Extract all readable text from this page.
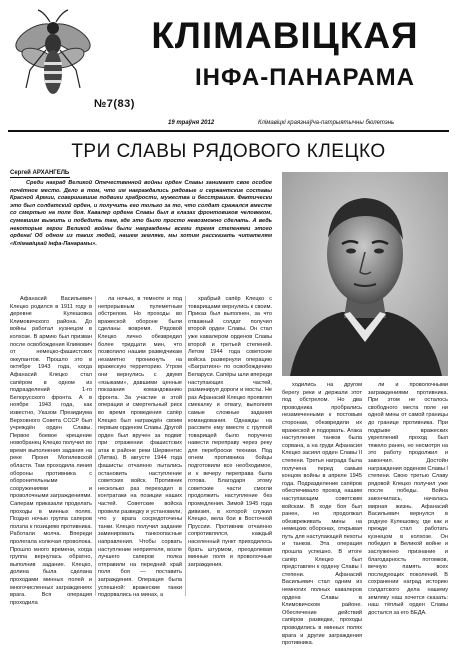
КЛІМАВІЦКАЯ
ІНФА-ПАНАРАМА
№7(83)
19 траўня 2012	Клімавіцкі краязнаўча-патрыятычны бюлетэнь
ТРИ СЛАВЫ РЯДОВОГО КЛЕЦКО
Сергей АРХАНГЕЛЬ
Среди наград Великой Отечественной войны орден Славы занимает свое особое почётное место. Дело в том, что им награждались рядовые и сержантские составы Красной Армии, совершившие подвиги храбрости, мужества и бесстрашия. Фактически это был солдатский орден, и получить его только за то, что солдат сражался вместе со смертью на поле боя. Кавалер ордена Славы был в глазах фронтовиков человеком, сумевшим выжить и победить там, где это было просто невозможно сделать. А ведь некоторые герои Великой войны были награждены всеми тремя степенями этого ордена! Об одном из таких людей, нашем земляке, мы хотим рассказать читателям «Клімавіцкай інфа-Панарамы».

Афанасий Васильевич Клецко родился в 1911 году в деревне Кулешовка Климовичского района. До войны работал кузнецом в колхозе. В армию был призван после освобождения Климович от немецко-фашистских оккупантов. Прошло это в октябре 1943 года, когда Афанасий Клецко стал сапёром в одном из подразделений 1-го Белорусского фронта. А в ноябре 1943 года, как известно, Указом Президиума Верховного Совета СССР был учреждён орден Славы. Первое боевое крещение новобранец Клецко получил во время выполнения задания на реке Проня Могилевской области. Там проходила линия обороны противника с оборонительными сооружениями и проволочными заграждениями. Саперам приказали проделать проходы в минных полях. Поздно ночью группа саперов ползла к позициям противника. Работали молча. Впереди пролегала колючая проволока. Прошло много времени, когда группа вернулась обратно, выполнив задание. Клецко, долина была сделана проходами минных полей и многочисленных заграждениях врага. Вся операция проходила

ла ночью, в темноте и под непрерывным пулеметным обстрелом. Но проходы во вражеской обороне были сделаны вовремя. Рядовой Клецко лично обезвредил более тридцати мин, что позволило нашим разведчикам незаметно проникнуть на вражескую территорию. Утром они вернулись с двумя «языками», давшими ценные показания командованию фронта. За участие в этой операции и смертельный риск во время проведения сапёр Клецко был награждён своим первым орденом Славы. Другой орден был вручен за подвиг при отражении фашистских атак в районе реки Шервентис (Литва). В августе 1944 года фашисты отчаянно пытались остановить наступление советских войск. Противник несколько раз переходил в контратаки на позиции наших частей. Советские войска провели разведку и установили, что у врага сосредоточены танки. Клецко получил задание заминировать танкоопасные направления. Чтобы сорвать наступление неприятеля, возле лучшего саперов полка отправили на передний край поля боя — поставить заграждения. Операция была успешной: вражеские танки подорвались на минах, а

храбрый сапёр Клецко с товарищами вернулись к своим. Приказ был выполнен, за что отважный солдат получил второй орден Славы. Он стал уже кавалером орденов Славы второй и третьей степеней. Летом 1944 года советские войска развернули операцию «Багратион» по освобождению Беларуси. Сапёры шли впереди наступающих частей, разминируя дороги и мосты. Не раз Афанасий Клецко проявлял смекалку и отвагу, выполняя самые сложные задания командования. Однажды на рассвете ему вместе с группой товарищей было поручено навести переправу через реку для переброски техники. Под огнем противника бойцы подготовили все необходимое, и к вечеру переправа была готова. Благодаря этому советские части смогли продолжить наступление без промедления. Зимой 1945 года дивизия, в которой служил Клецко, вела бои в Восточной Пруссии. Противник отчаянно сопротивлялся, каждый населенный пункт приходилось брать штурмом, преодолевая минные поля и проволочные заграждения.

ходились на другом берегу реки и держали этот под обстрелом. Но два проводника пробрались незамеченными к постовым сторонам, обезвредили их вражеской и подорвать. Атака наступления танков была сорвана, а на груди Афанасия Клецко засиял орден Славы II степени. Третья награда была получена перед самым концом войны в апреле 1945 года. Подразделение сапёров обеспечивало проход нашим наступающим советским войскам. В ходе боя был ранен, но продолжал обезвреживать мины на немецких оборонах, открывая путь для наступающей пехоты и танков. Эта операция прошла успешно. В итоге сапёр Клецко был представлен к ордену Славы I степени. Афанасий Васильевич стал одним из немногих полных кавалеров ордена Славы в Климовичском районе. Обеспечение действий сапёров разведки, проходы проводились в минных полях врага и другие заграждения противника.

ли и проволочными заграждениями противника. При этом не осталось свободного места поле ни одной мины от самой границы до границе противника. При подрыве вражеских укреплений проход был тяжело ранен, но несмотря на это работу продолжил и закончил. Достойн награждения орденом Славы I степени. Свою третью Славу рядовой Клецко получил уже после победы. Война закончилась, началась мирная жизнь. Афанасий Васильевич вернулся в родную Кулешовку, где как и прежде стал работать кузнецом в колхозе. Он победил в Великой войне и заслуженно признание и благодарность потомков, вечную память всех последующих поколений. В сохранении наград историю солдатского дела нашему земляку наш хочется сказать: наш тёплый орден Славы достался за его БЕДА.
